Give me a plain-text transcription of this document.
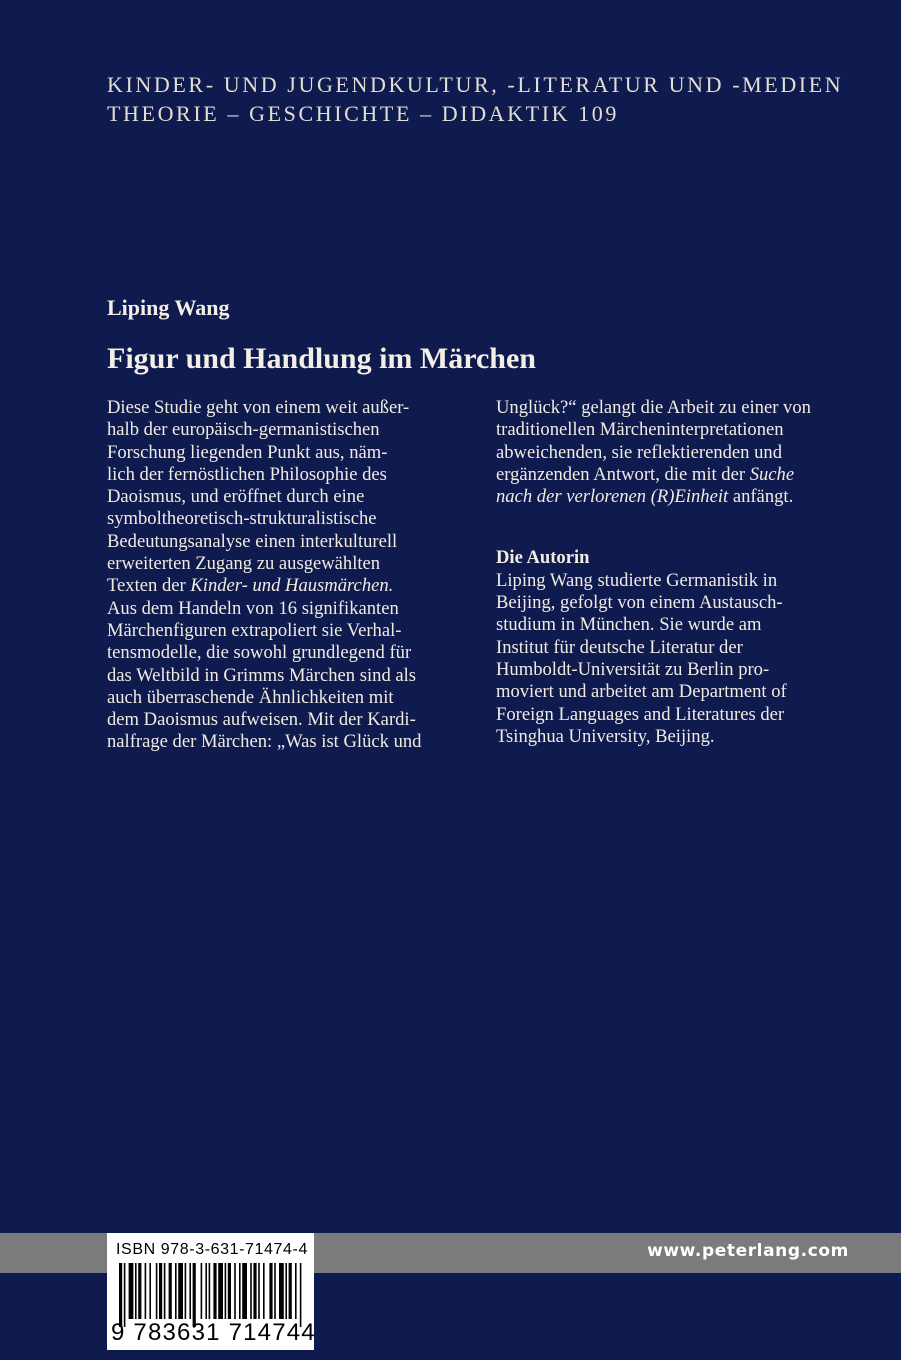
KINDER- UND JUGENDKULTUR, -LITERATUR UND -MEDIEN
THEORIE – GESCHICHTE – DIDAKTIK 109
Liping Wang
Figur und Handlung im Märchen
Diese Studie geht von einem weit außer-
halb der europäisch-germanistischen
Forschung liegenden Punkt aus, näm-
lich der fernöstlichen Philosophie des
Daoismus, und eröffnet durch eine
symboltheoretisch-strukturalistische
Bedeutungsanalyse einen interkulturell
erweiterten Zugang zu ausgewählten
Texten der Kinder- und Hausmärchen.
Aus dem Handeln von 16 signifikanten
Märchenfiguren extrapoliert sie Verhal-
tensmodelle, die sowohl grundlegend für
das Weltbild in Grimms Märchen sind als
auch überraschende Ähnlichkeiten mit
dem Daoismus aufweisen. Mit der Kardi-
nalfrage der Märchen: „Was ist Glück und
Unglück?“ gelangt die Arbeit zu einer von
traditionellen Märcheninterpretationen
abweichenden, sie reflektierenden und
ergänzenden Antwort, die mit der Suche
nach der verlorenen (R)Einheit anfängt.
Die Autorin
Liping Wang studierte Germanistik in
Beijing, gefolgt von einem Austausch-
studium in München. Sie wurde am
Institut für deutsche Literatur der
Humboldt-Universität zu Berlin pro-
moviert und arbeitet am Department of
Foreign Languages and Literatures der
Tsinghua University, Beijing.
www.peterlang.com
ISBN 978-3-631-71474-4
9 783631 714744
